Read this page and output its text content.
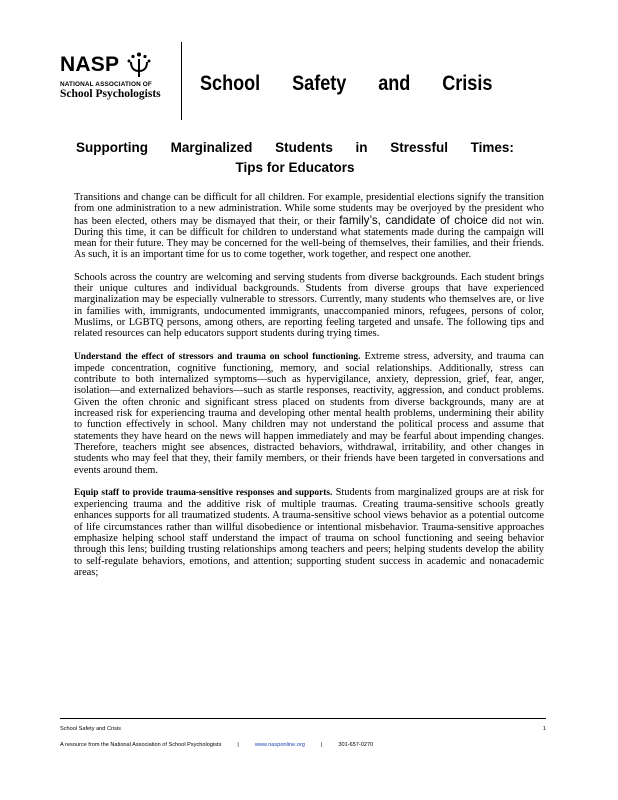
NASP
NATIONAL ASSOCIATION OF
School Psychologists	School Safety and Crisis
Supporting Marginalized Students in Stressful Times:
Tips for Educators

Transitions and change can be difficult for all children. For example, presidential elections signify the transition from one administration to a new administration. While some students may be overjoyed by the president who has been elected, others may be dismayed that their, or their family’s, candidate of choice did not win. During this time, it can be difficult for children to understand what statements made during the campaign will mean for their future. They may be concerned for the well-being of themselves, their families, and their friends. As such, it is an important time for us to come together, work together, and respect one another.

Schools across the country are welcoming and serving students from diverse backgrounds. Each student brings their unique cultures and individual backgrounds. Students from diverse groups that have experienced marginalization may be especially vulnerable to stressors. Currently, many students who themselves are, or live in families with, immigrants, undocumented immigrants, unaccompanied minors, refugees, persons of color, Muslims, or LGBTQ persons, among others, are reporting feeling targeted and unsafe. The following tips and related resources can help educators support students during trying times.

Understand the effect of stressors and trauma on school functioning. Extreme stress, adversity, and trauma can impede concentration, cognitive functioning, memory, and social relationships. Additionally, stress can contribute to both internalized symptoms—such as hypervigilance, anxiety, depression, grief, fear, anger, isolation—and externalized behaviors—such as startle responses, reactivity, aggression, and conduct problems. Given the often chronic and significant stress placed on students from diverse backgrounds, many are at increased risk for experiencing trauma and developing other mental health problems, undermining their ability to function effectively in school. Many children may not understand the political process and assume that statements they have heard on the news will happen immediately and may be fearful about impending changes. Therefore, teachers might see absences, distracted behaviors, withdrawal, irritability, and other changes in students who may feel that they, their family members, or their friends have been targeted in conversations and events around them.

Equip staff to provide trauma-sensitive responses and supports. Students from marginalized groups are at risk for experiencing trauma and the additive risk of multiple traumas. Creating trauma-sensitive schools greatly enhances supports for all traumatized students. A trauma-sensitive school views behavior as a potential outcome of life circumstances rather than willful disobedience or intentional misbehavior. Trauma-sensitive approaches emphasize helping school staff understand the impact of trauma on school functioning and seeing behavior through this lens; building trusting relationships among teachers and peers; helping students develop the ability to self-regulate behaviors, emotions, and attention; supporting student success in academic and nonacademic areas;

School Safety and Crisis	1
A resource from the National Association of School Psychologists	|	www.nasponline.org	|	301-657-0270
